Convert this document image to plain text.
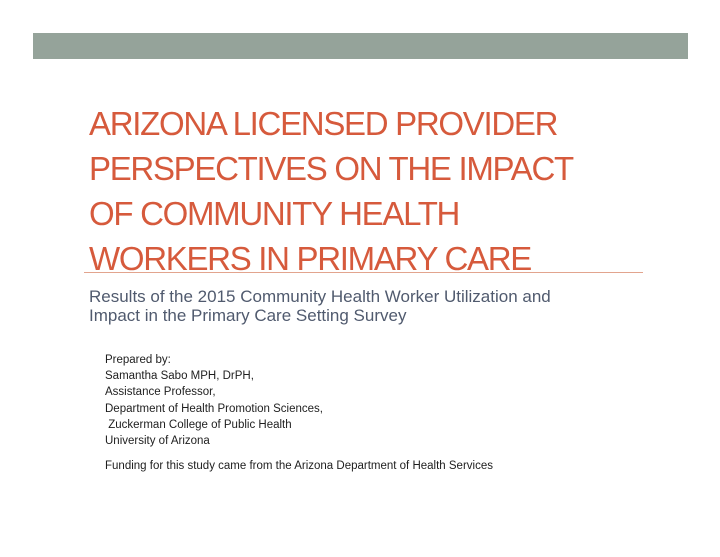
ARIZONA LICENSED PROVIDER
PERSPECTIVES ON THE IMPACT
OF COMMUNITY HEALTH
WORKERS IN PRIMARY CARE

Results of the 2015 Community Health Worker Utilization and
Impact in the Primary Care Setting Survey

Prepared by:
Samantha Sabo MPH, DrPH,
Assistance Professor,
Department of Health Promotion Sciences,
Zuckerman College of Public Health
University of Arizona
Funding for this study came from the Arizona Department of Health Services
